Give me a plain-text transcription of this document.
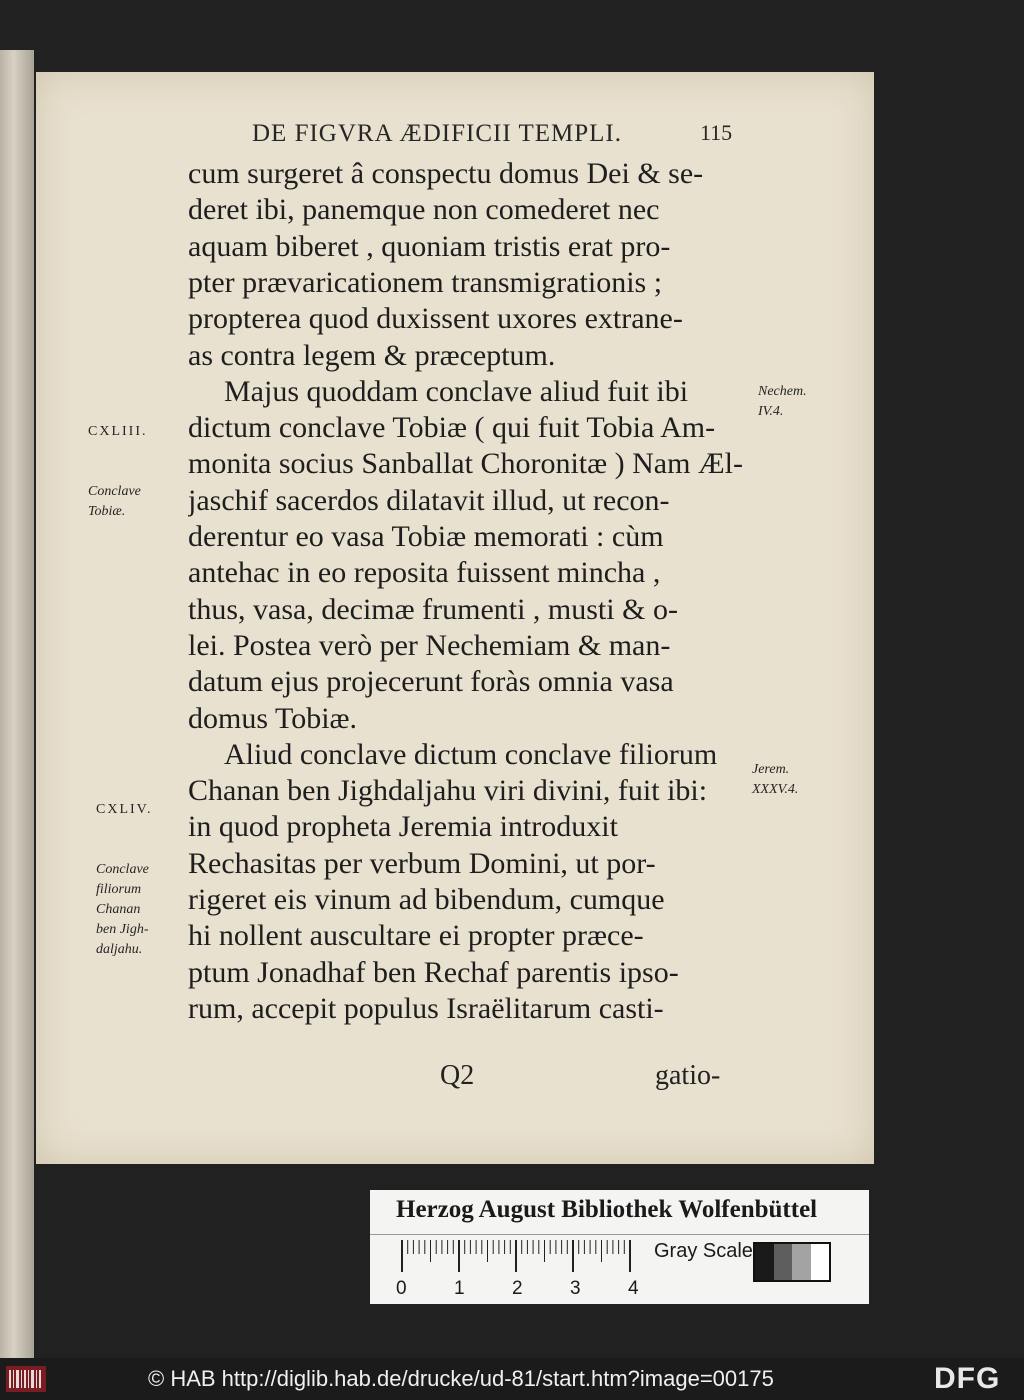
DE FIGVRA ÆDIFICII TEMPLI.	115
cum surgeret â conspectu domus Dei & se-
deret ibi, panemque non comederet nec
aquam biberet , quoniam tristis erat pro-
pter prævaricationem transmigrationis ;
propterea quod duxissent uxores extrane-
as contra legem & præceptum.
Majus quoddam conclave aliud fuit ibi
dictum conclave Tobiæ ( qui fuit Tobia Am-
monita socius Sanballat Choronitæ ) Nam Æl-
jaschif sacerdos dilatavit illud, ut recon-
derentur eo vasa Tobiæ memorati : cùm
antehac in eo reposita fuissent mincha ,
thus, vasa, decimæ frumenti , musti & o-
lei. Postea verò per Nechemiam & man-
datum ejus projecerunt foràs omnia vasa
domus Tobiæ.
Aliud conclave dictum conclave filiorum
Chanan ben Jighdaljahu viri divini, fuit ibi:
in quod propheta Jeremia introduxit
Rechasitas per verbum Domini, ut por-
rigeret eis vinum ad bibendum, cumque
hi nollent auscultare ei propter præce-
ptum Jonadhaf ben Rechaf parentis ipso-
rum, accepit populus Israëlitarum casti-

CXLIII.

Conclave
Tobiæ.

Nechem.
IV.4.

CXLIV.

Conclave
filiorum
Chanan
ben Jigh-
daljahu.

Jerem.
XXXV.4.
Q2	gatio-
Herzog August Bibliothek Wolfenbüttel
0 1 2 3 4
Gray Scale
© HAB http://diglib.hab.de/drucke/ud-81/start.htm?image=00175	DFG
